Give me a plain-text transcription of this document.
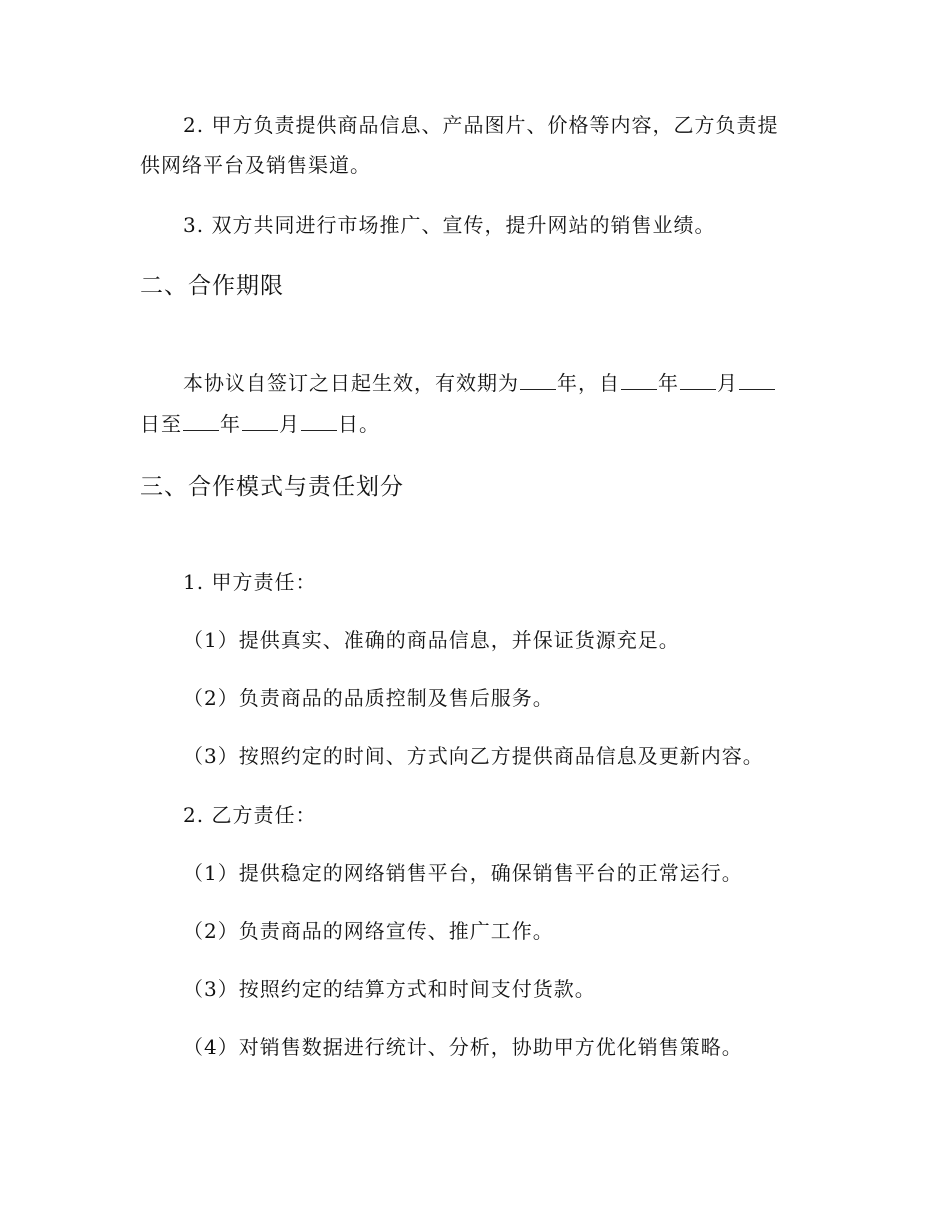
2. 甲方负责提供商品信息、产品图片、价格等内容，乙方负责提
供网络平台及销售渠道。
3. 双方共同进行市场推广、宣传，提升网站的销售业绩。
二、合作期限
本协议自签订之日起生效，有效期为 年，自 年 月
日至 年 月 日。
三、合作模式与责任划分
1. 甲方责任：
（1）提供真实、准确的商品信息，并保证货源充足。
（2）负责商品的品质控制及售后服务。
（3）按照约定的时间、方式向乙方提供商品信息及更新内容。
2. 乙方责任：
（1）提供稳定的网络销售平台，确保销售平台的正常运行。
（2）负责商品的网络宣传、推广工作。
（3）按照约定的结算方式和时间支付货款。
（4）对销售数据进行统计、分析，协助甲方优化销售策略。
